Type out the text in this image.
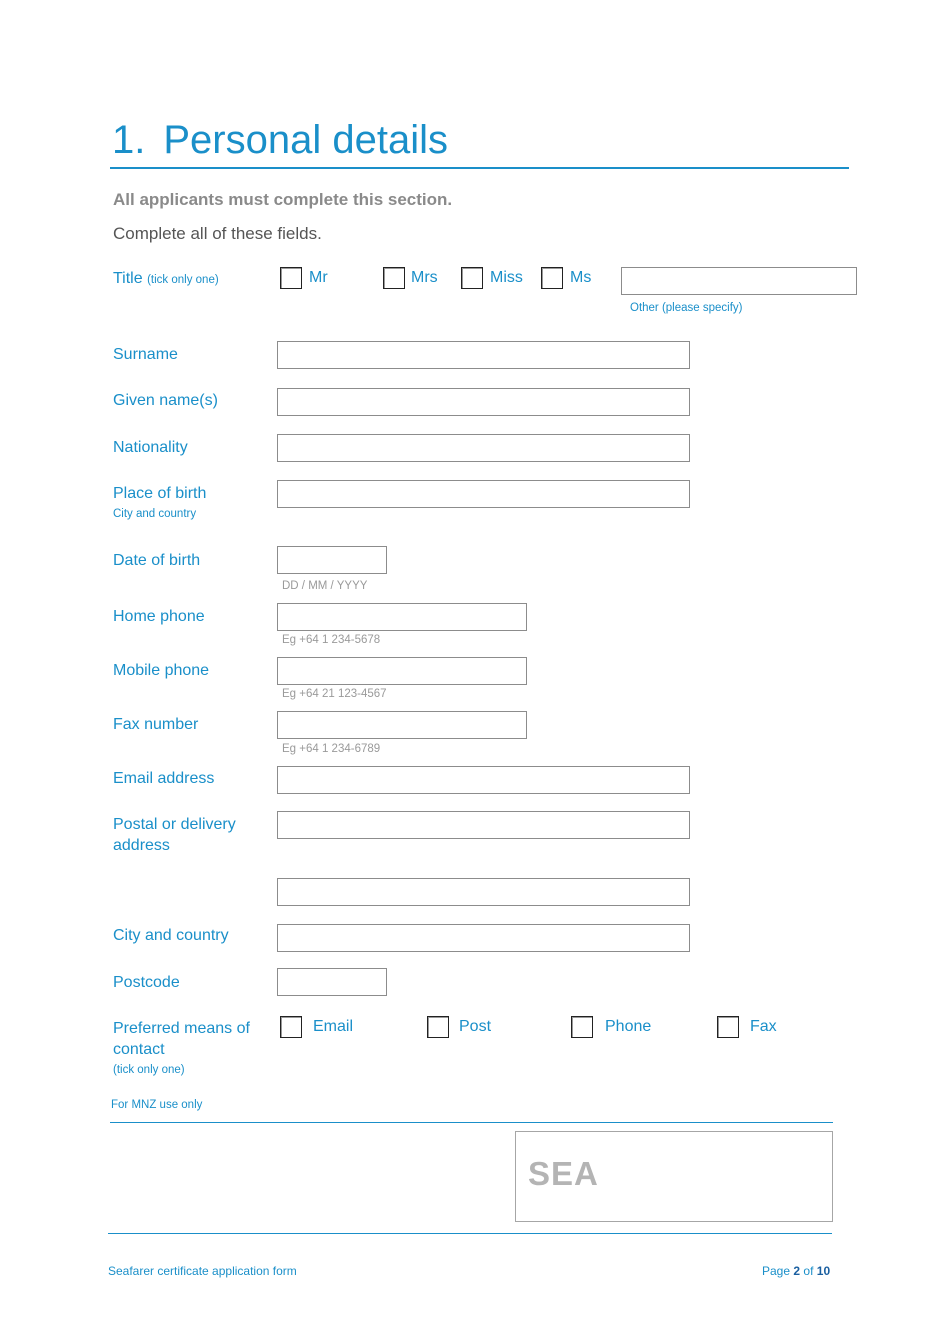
1. Personal details
All applicants must complete this section.
Complete all of these fields.
Title (tick only one)	Mr	Mrs	Miss	Ms
Other (please specify)
Surname
Given name(s)
Nationality
Place of birth
City and country
Date of birth
DD / MM / YYYY
Home phone
Eg +64 1 234-5678
Mobile phone
Eg +64 21 123-4567
Fax number
Eg +64 1 234-6789
Email address
Postal or delivery
address
City and country
Postcode
Preferred means of
contact
(tick only one)
Email	Post	Phone	Fax
For MNZ use only
SEA
Seafarer certificate application form	Page 2 of 10
